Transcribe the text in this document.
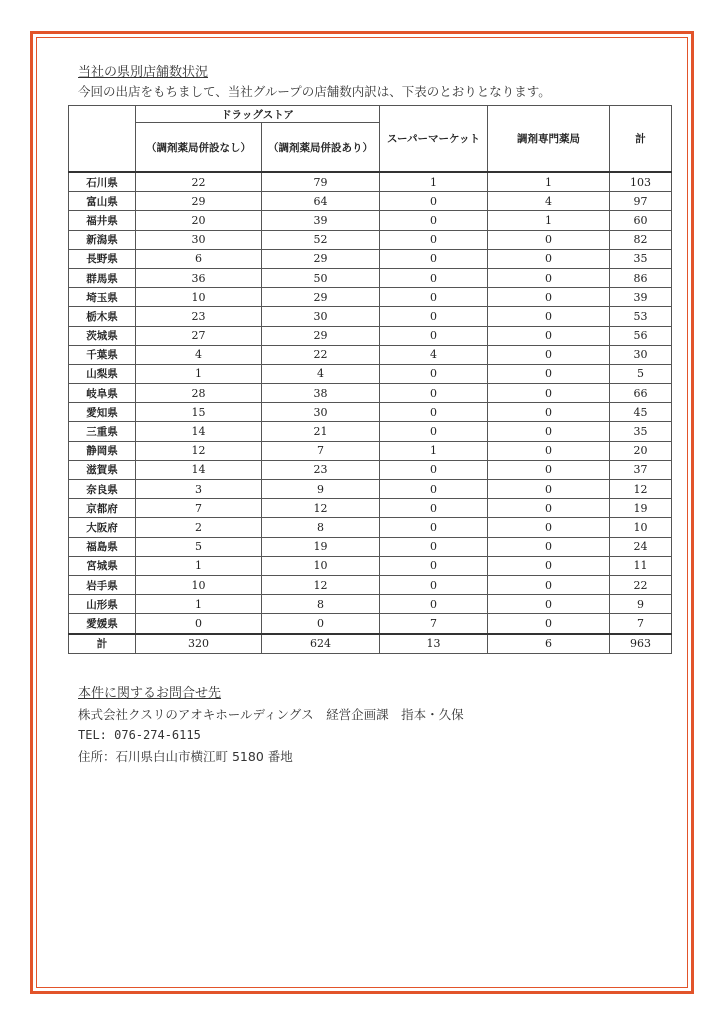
当社の県別店舗数状況

今回の出店をもちまして、当社グループの店舗数内訳は、下表のとおりとなります。

	ドラッグストア		スーパーマーケット	調剤専門薬局	計
	（調剤薬局併設なし）	（調剤薬局併設あり）			
石川県	22	79	1	1	103
富山県	29	64	0	4	97
福井県	20	39	0	1	60
新潟県	30	52	0	0	82
長野県	6	29	0	0	35
群馬県	36	50	0	0	86
埼玉県	10	29	0	0	39
栃木県	23	30	0	0	53
茨城県	27	29	0	0	56
千葉県	4	22	4	0	30
山梨県	1	4	0	0	5
岐阜県	28	38	0	0	66
愛知県	15	30	0	0	45
三重県	14	21	0	0	35
静岡県	12	7	1	0	20
滋賀県	14	23	0	0	37
奈良県	3	9	0	0	12
京都府	7	12	0	0	19
大阪府	2	8	0	0	10
福島県	5	19	0	0	24
宮城県	1	10	0	0	11
岩手県	10	12	0	0	22
山形県	1	8	0	0	9
愛媛県	0	0	7	0	7
計	320	624	13	6	963

本件に関するお問合せ先

株式会社クスリのアオキホールディングス　経営企画課　指本・久保

TEL: 076-274-6115

住所：石川県白山市横江町 5180 番地
